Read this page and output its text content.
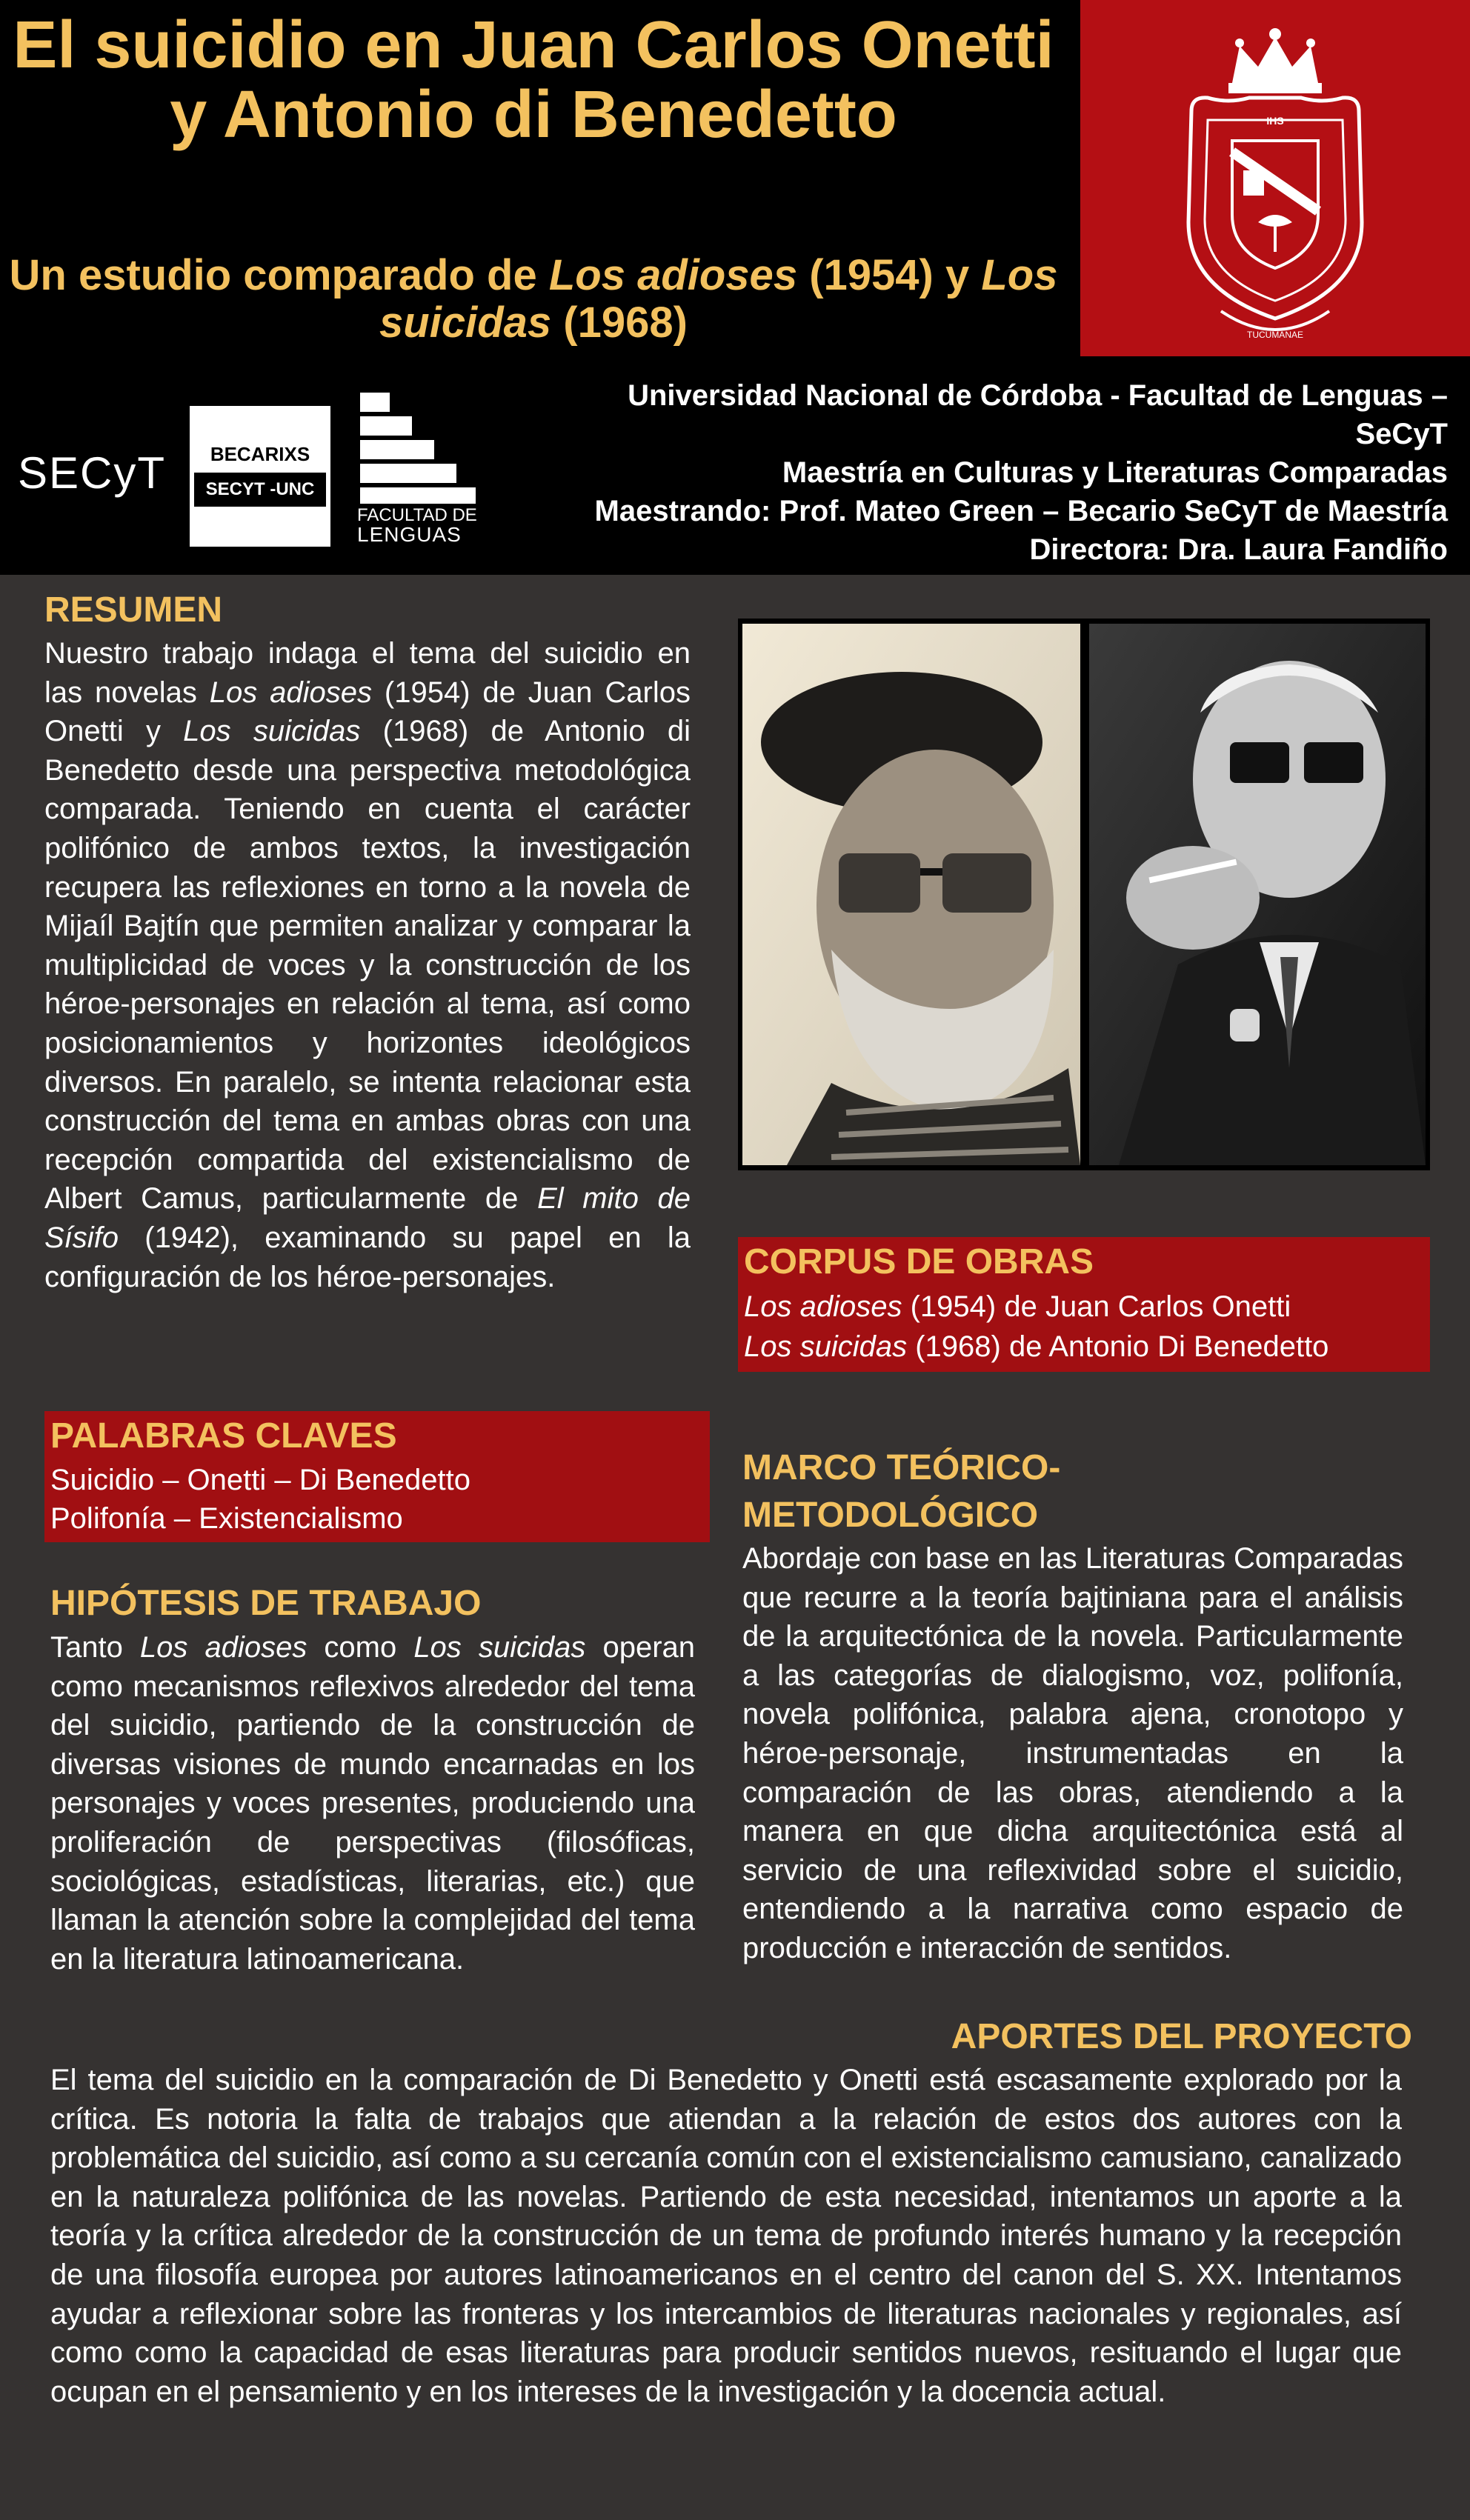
El suicidio en Juan Carlos Onetti y Antonio di Benedetto
Un estudio comparado de Los adioses (1954) y Los suicidas (1968)
IHS
TUCUMANAE
SECyT	BECARIXS
SECYT -UNC
FACULTAD DE
LENGUAS
Universidad Nacional de Córdoba - Facultad de Lenguas –
SeCyT
Maestría en Culturas y Literaturas Comparadas
Maestrando: Prof. Mateo Green – Becario SeCyT de Maestría
Directora: Dra. Laura Fandiño
RESUMEN
Nuestro trabajo indaga el tema del suicidio en las novelas Los adioses (1954) de Juan Carlos Onetti y Los suicidas (1968) de Antonio di Benedetto desde una perspectiva metodológica comparada. Teniendo en cuenta el carácter polifónico de ambos textos, la investigación recupera las reflexiones en torno a la novela de Mijaíl Bajtín que permiten analizar y comparar la multiplicidad de voces y la construcción de los héroe-personajes en relación al tema, así como posicionamientos y horizontes ideológicos diversos. En paralelo, se intenta relacionar esta construcción del tema en ambas obras con una recepción compartida del existencialismo de Albert Camus, particularmente de El mito de Sísifo (1942), examinando su papel en la configuración de los héroe-personajes.	CORPUS DE OBRAS
Los adioses (1954) de Juan Carlos Onetti
Los suicidas (1968) de Antonio Di Benedetto
PALABRAS CLAVES
Suicidio – Onetti – Di Benedetto
Polifonía – Existencialismo
HIPÓTESIS DE TRABAJO
Tanto Los adioses como Los suicidas operan como mecanismos reflexivos alrededor del tema del suicidio, partiendo de la construcción de diversas visiones de mundo encarnadas en los personajes y voces presentes, produciendo una proliferación de perspectivas (filosóficas, sociológicas, estadísticas, literarias, etc.) que llaman la atención sobre la complejidad del tema en la literatura latinoamericana.
MARCO TEÓRICO-
METODOLÓGICO
Abordaje con base en las Literaturas Comparadas que recurre a la teoría bajtiniana para el análisis de la arquitectónica de la novela. Particularmente a las categorías de dialogismo, voz, polifonía, novela polifónica, palabra ajena, cronotopo y héroe-personaje, instrumentadas en la comparación de las obras, atendiendo a la manera en que dicha arquitectónica está al servicio de una reflexividad sobre el suicidio, entendiendo a la narrativa como espacio de producción e interacción de sentidos.
APORTES DEL PROYECTO
El tema del suicidio en la comparación de Di Benedetto y Onetti está escasamente explorado por la crítica. Es notoria la falta de trabajos que atiendan a la relación de estos dos autores con la problemática del suicidio, así como a su cercanía común con el existencialismo camusiano, canalizado en la naturaleza polifónica de las novelas. Partiendo de esta necesidad, intentamos un aporte a la teoría y la crítica alrededor de la construcción de un tema de profundo interés humano y la recepción de una filosofía europea por autores latinoamericanos en el centro del canon del S. XX. Intentamos ayudar a reflexionar sobre las fronteras y los intercambios de literaturas nacionales y regionales, así como como la capacidad de esas literaturas para producir sentidos nuevos, resituando el lugar que ocupan en el pensamiento y en los intereses de la investigación y la docencia actual.
